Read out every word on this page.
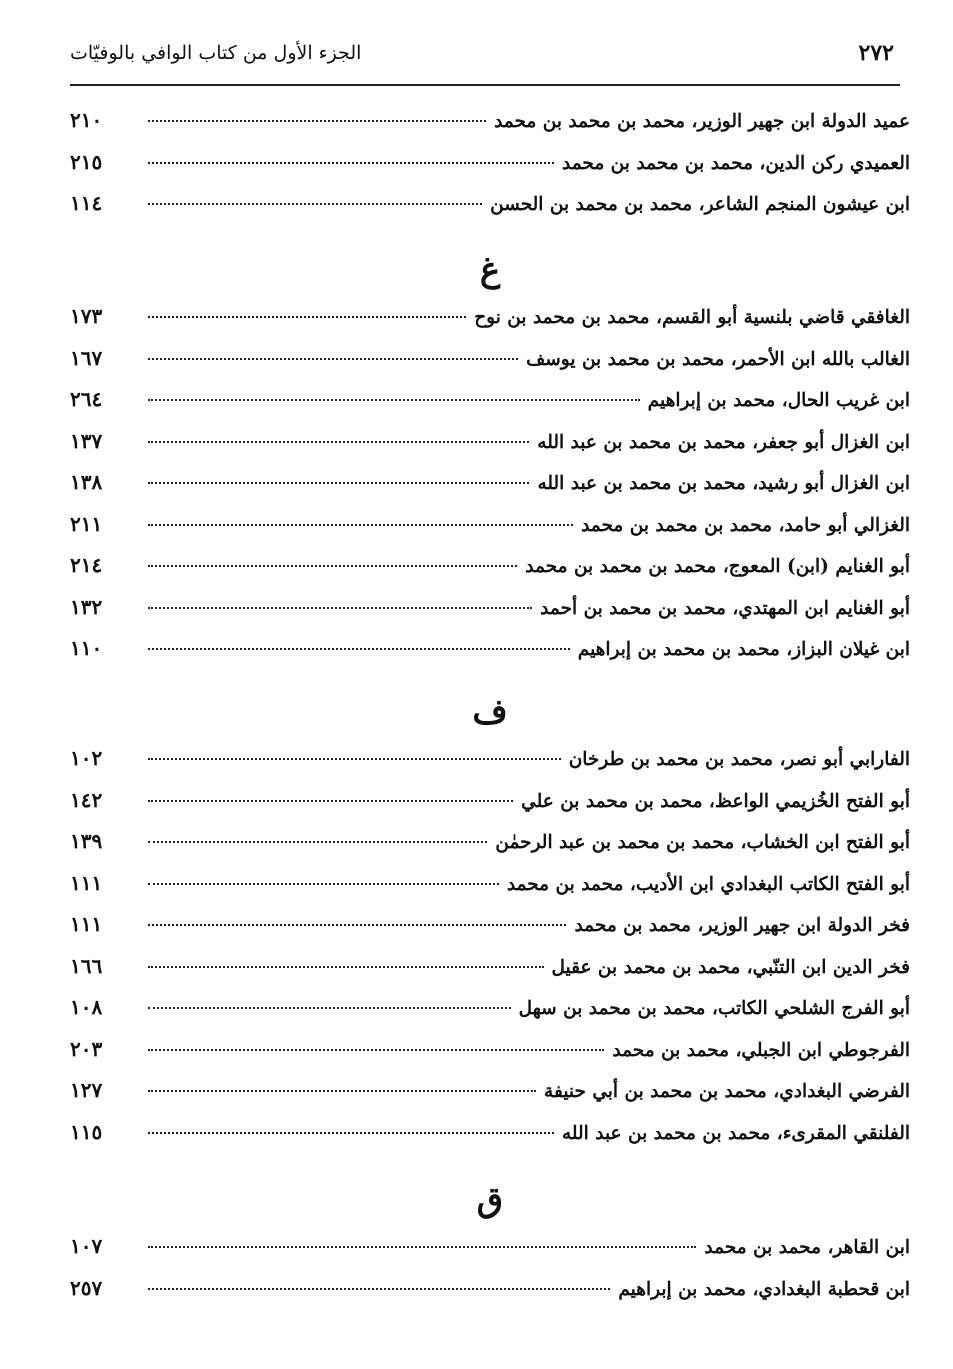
٢٧٢
الجزء الأول من كتاب الوافي بالوفيّات
عميد الدولة ابن جهير الوزير، محمد بن محمد بن محمد
٢١٠
العميدي ركن الدين، محمد بن محمد بن محمد
٢١٥
ابن عيشون المنجم الشاعر، محمد بن محمد بن الحسن
١١٤
غ
الغافقي قاضي بلنسية أبو القسم، محمد بن محمد بن نوح
١٧٣
الغالب بالله ابن الأحمر، محمد بن محمد بن يوسف
١٦٧
ابن غريب الحال، محمد بن إبراهيم
٢٦٤
ابن الغزال أبو جعفر، محمد بن محمد بن عبد الله
١٣٧
ابن الغزال أبو رشيد، محمد بن محمد بن عبد الله
١٣٨
الغزالي أبو حامد، محمد بن محمد بن محمد
٢١١
أبو الغنايم (ابن) المعوج، محمد بن محمد بن محمد
٢١٤
أبو الغنايم ابن المهتدي، محمد بن محمد بن أحمد
١٣٢
ابن غيلان البزاز، محمد بن محمد بن إبراهيم
١١٠
ف
الفارابي أبو نصر، محمد بن محمد بن طرخان
١٠٢
أبو الفتح الخُزيمي الواعظ، محمد بن محمد بن علي
١٤٢
أبو الفتح ابن الخشاب، محمد بن محمد بن عبد الرحمٰن
١٣٩
أبو الفتح الكاتب البغدادي ابن الأديب، محمد بن محمد
١١١
فخر الدولة ابن جهير الوزير، محمد بن محمد
١١١
فخر الدين ابن التنّبي، محمد بن محمد بن عقيل
١٦٦
أبو الفرج الشلحي الكاتب، محمد بن محمد بن سهل
١٠٨
الفرجوطي ابن الجبلي، محمد بن محمد
٢٠٣
الفرضي البغدادي، محمد بن محمد بن أبي حنيفة
١٢٧
الفلنقي المقرىء، محمد بن محمد بن عبد الله
١١٥
ق
ابن القاهر، محمد بن محمد
١٠٧
ابن قحطبة البغدادي، محمد بن إبراهيم
٢٥٧
